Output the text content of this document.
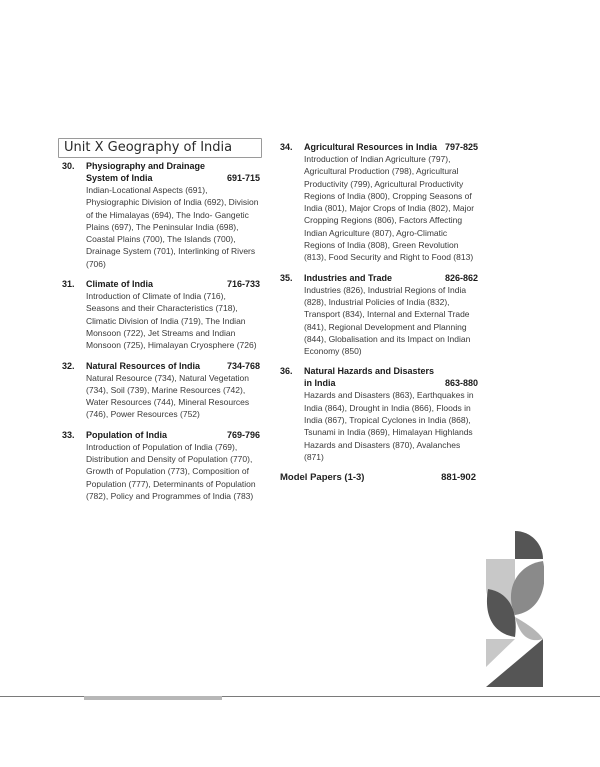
Unit X Geography of India
30.	Physiography and Drainage
System of India	691-715
Indian-Locational Aspects (691), Physiographic Division of India (692), Division of the Himalayas (694), The Indo- Gangetic Plains (697), The Peninsular India (698), Coastal Plains (700), The Islands (700), Drainage System (701), Interlinking of Rivers (706)
31.	Climate of India	716-733
Introduction of Climate of India (716), Seasons and their Characteristics (718), Climatic Division of India (719), The Indian Monsoon (722), Jet Streams and Indian Monsoon (725), Himalayan Cryosphere (726)
32.	Natural Resources of India	734-768
Natural Resource (734), Natural Vegetation (734), Soil (739), Marine Resources (742), Water Resources (744), Mineral Resources (746), Power Resources (752)
33.	Population of India	769-796
Introduction of Population of India (769), Distribution and Density of Population (770), Growth of Population (773), Composition of Population (777), Determinants of Population (782), Policy and Programmes of India (783)
34.	Agricultural Resources in India 797-825
Introduction of Indian Agriculture (797), Agricultural Production (798), Agricultural Productivity (799), Agricultural Productivity Regions of India (800), Cropping Seasons of India (801), Major Crops of India (802), Major Cropping Regions (806), Factors Affecting Indian Agriculture (807), Agro-Climatic Regions of India (808), Green Revolution (813), Food Security and Right to Food (813)
35.	Industries and Trade	826-862
Industries (826), Industrial Regions of India (828), Industrial Policies of India (832), Transport (834), Internal and External Trade (841), Regional Development and Planning (844), Globalisation and its Impact on Indian Economy (850)
36.	Natural Hazards and Disasters
in India	863-880
Hazards and Disasters (863), Earthquakes in India (864), Drought in India (866), Floods in India (867), Tropical Cyclones in India (868), Tsunami in India (869), Himalayan Highlands Hazards and Disasters (870), Avalanches (871)
Model Papers (1-3)	881-902
